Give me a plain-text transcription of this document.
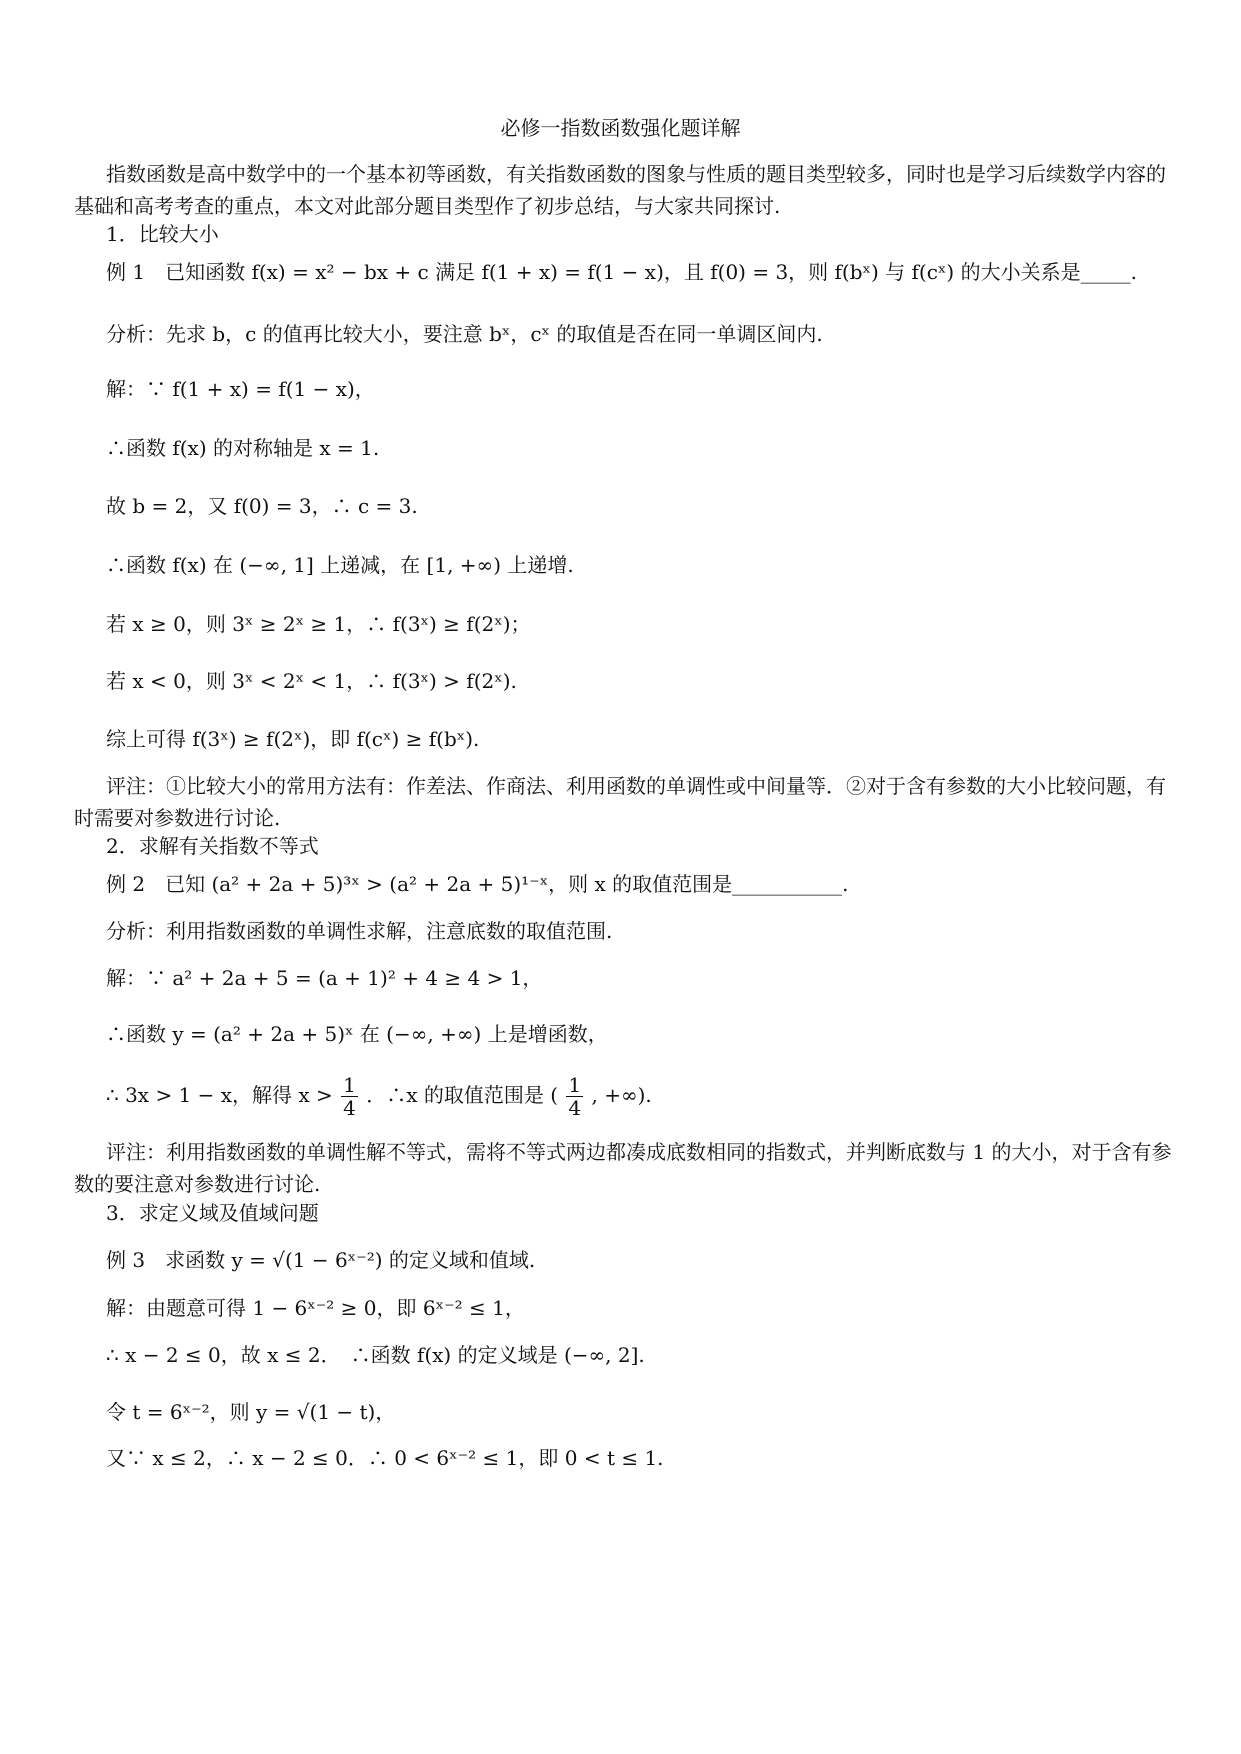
必修一指数函数强化题详解

指数函数是高中数学中的一个基本初等函数，有关指数函数的图象与性质的题目类型较多，同时也是学习后续数学内容的基础和高考考查的重点，本文对此部分题目类型作了初步总结，与大家共同探讨.

1．比较大小
例 1　已知函数 f(x) = x² − bx + c 满足 f(1 + x) = f(1 − x)，且 f(0) = 3，则 f(bˣ) 与 f(cˣ) 的大小关系是_____.
分析：先求 b，c 的值再比较大小，要注意 bˣ，cˣ 的取值是否在同一单调区间内.
解：∵ f(1 + x) = f(1 − x)，
∴函数 f(x) 的对称轴是 x = 1.
故 b = 2，又 f(0) = 3，∴ c = 3.
∴函数 f(x) 在 (−∞, 1] 上递减，在 [1, +∞) 上递增.
若 x ≥ 0，则 3ˣ ≥ 2ˣ ≥ 1，∴ f(3ˣ) ≥ f(2ˣ)；
若 x < 0，则 3ˣ < 2ˣ < 1，∴ f(3ˣ) > f(2ˣ).
综上可得 f(3ˣ) ≥ f(2ˣ)，即 f(cˣ) ≥ f(bˣ).

评注：①比较大小的常用方法有：作差法、作商法、利用函数的单调性或中间量等．②对于含有参数的大小比较问题，有时需要对参数进行讨论.

2．求解有关指数不等式
例 2　已知 (a² + 2a + 5)³ˣ > (a² + 2a + 5)¹⁻ˣ，则 x 的取值范围是___________.
分析：利用指数函数的单调性求解，注意底数的取值范围.
解：∵ a² + 2a + 5 = (a + 1)² + 4 ≥ 4 > 1，
∴函数 y = (a² + 2a + 5)ˣ 在 (−∞, +∞) 上是增函数，
∴ 3x > 1 − x，解得 $x > \frac{1}{4}$ ．∴x 的取值范围是 ( $\frac{1}{4}$ , +∞).

评注：利用指数函数的单调性解不等式，需将不等式两边都凑成底数相同的指数式，并判断底数与 1 的大小，对于含有参数的要注意对参数进行讨论.

3．求定义域及值域问题
例 3　求函数 y = √(1 − 6ˣ⁻²) 的定义域和值域.
解：由题意可得 1 − 6ˣ⁻² ≥ 0，即 6ˣ⁻² ≤ 1，
∴ x − 2 ≤ 0，故 x ≤ 2．　∴函数 f(x) 的定义域是 (−∞, 2].
令 t = 6ˣ⁻²，则 y = √(1 − t)，
又∵ x ≤ 2，∴ x − 2 ≤ 0．∴ 0 < 6ˣ⁻² ≤ 1，即 0 < t ≤ 1.
